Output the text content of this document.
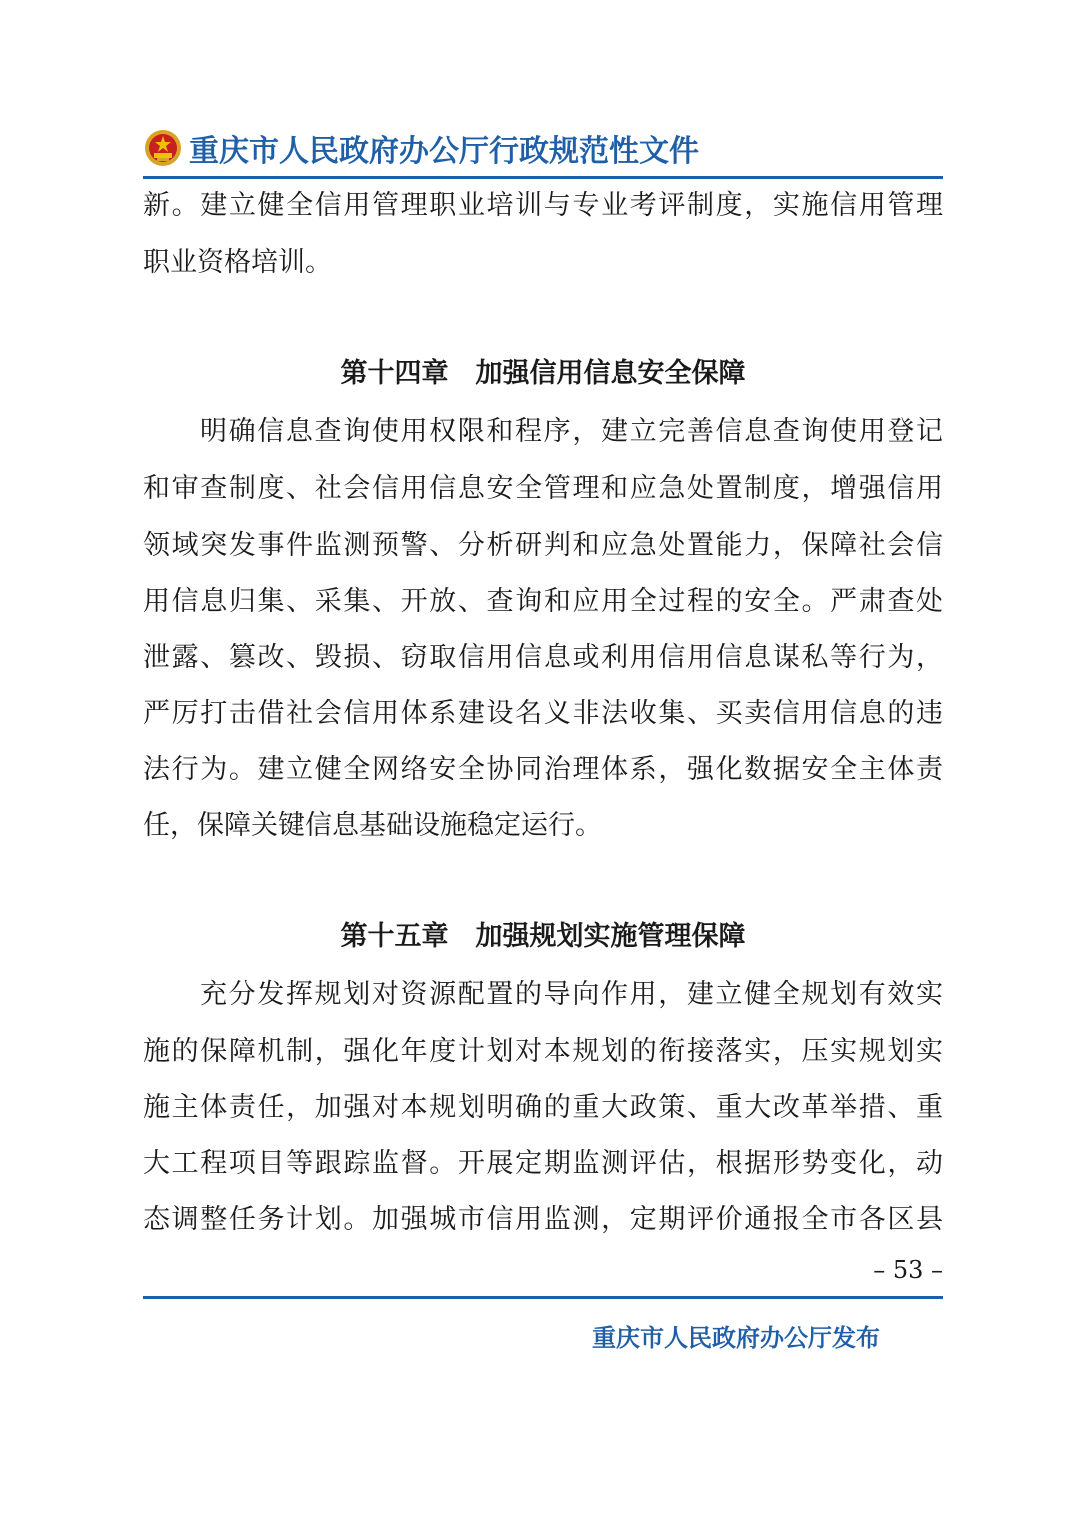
重庆市人民政府办公厅行政规范性文件
新。建立健全信用管理职业培训与专业考评制度，实施信用管理
职业资格培训。
第十四章　加强信用信息安全保障
明确信息查询使用权限和程序，建立完善信息查询使用登记
和审查制度、社会信用信息安全管理和应急处置制度，增强信用
领域突发事件监测预警、分析研判和应急处置能力，保障社会信
用信息归集、采集、开放、查询和应用全过程的安全。严肃查处
泄露、篡改、毁损、窃取信用信息或利用信用信息谋私等行为，
严厉打击借社会信用体系建设名义非法收集、买卖信用信息的违
法行为。建立健全网络安全协同治理体系，强化数据安全主体责
任，保障关键信息基础设施稳定运行。
第十五章　加强规划实施管理保障
充分发挥规划对资源配置的导向作用，建立健全规划有效实
施的保障机制，强化年度计划对本规划的衔接落实，压实规划实
施主体责任，加强对本规划明确的重大政策、重大改革举措、重
大工程项目等跟踪监督。开展定期监测评估，根据形势变化，动
态调整任务计划。加强城市信用监测，定期评价通报全市各区县
– 53 –
重庆市人民政府办公厅发布
